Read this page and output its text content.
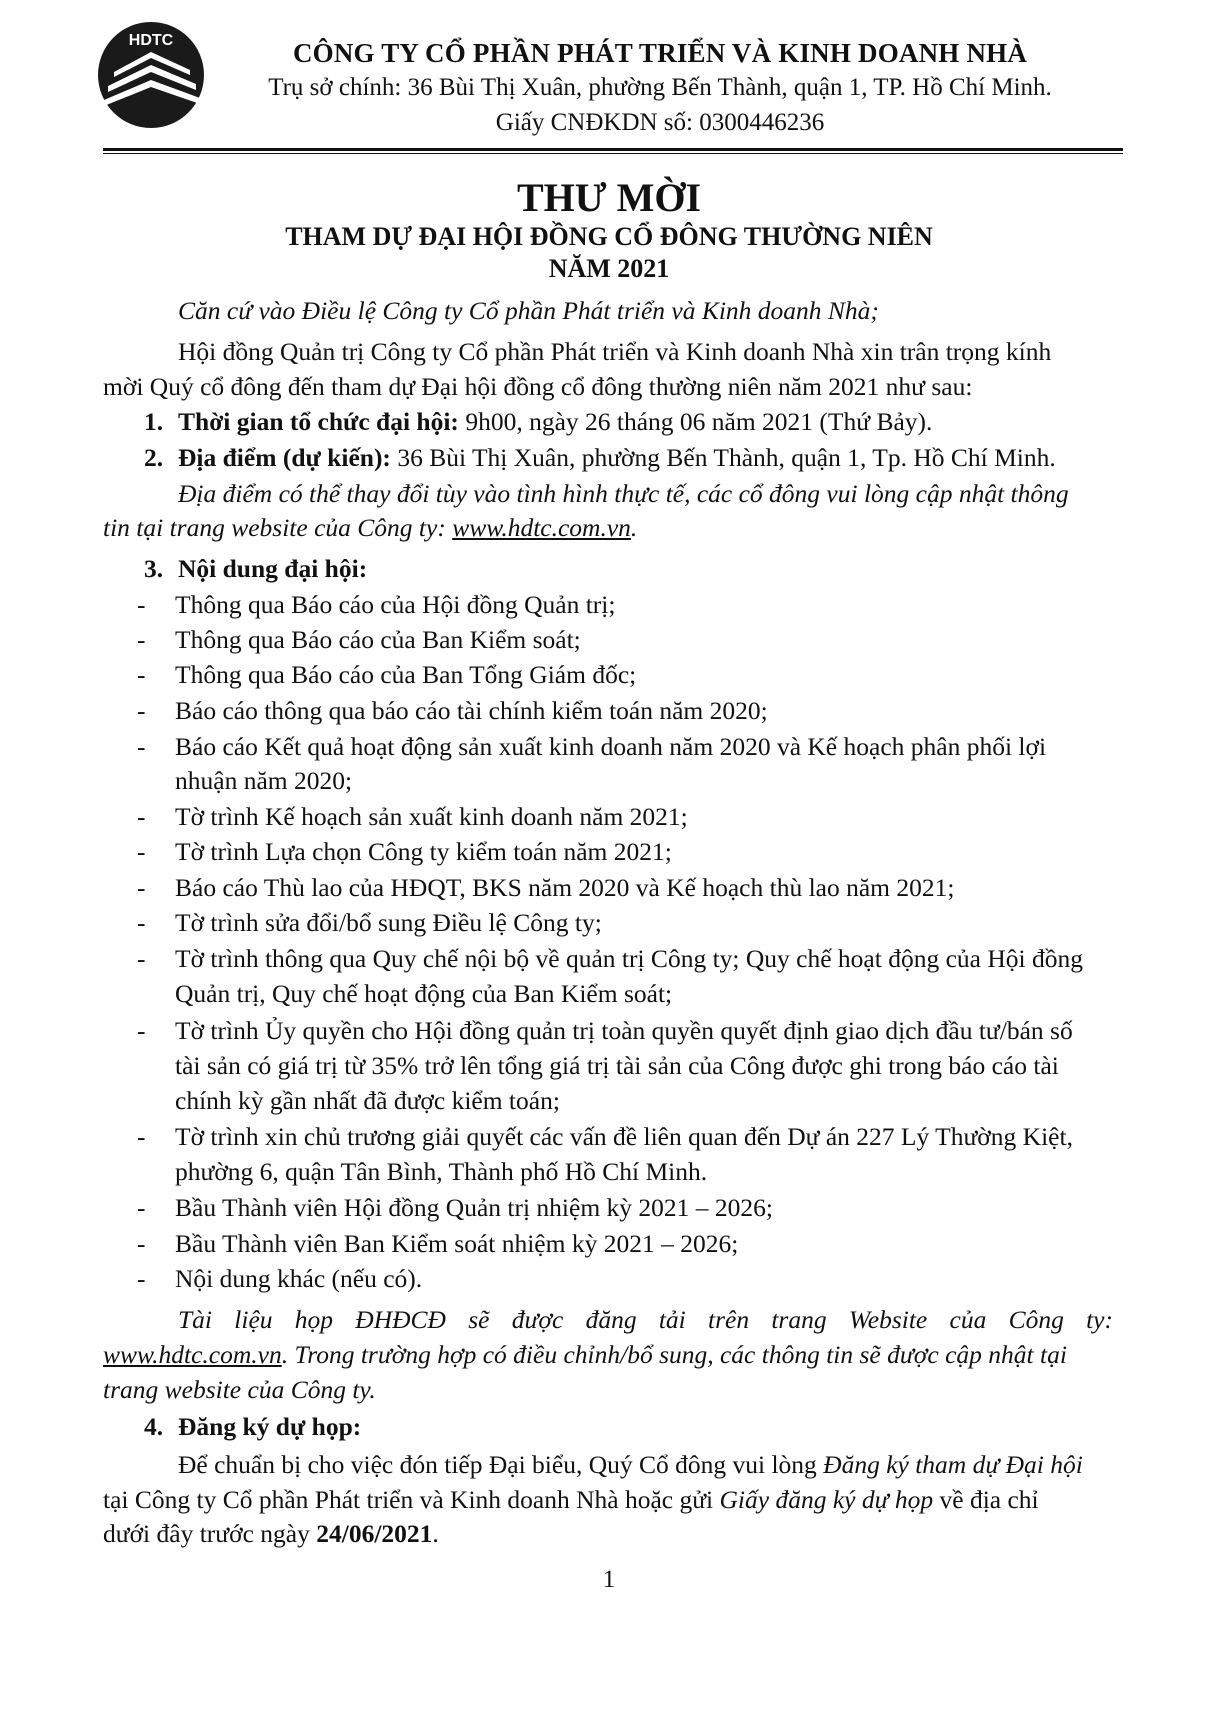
HDTC	CÔNG TY CỔ PHẦN PHÁT TRIỂN VÀ KINH DOANH NHÀ
Trụ sở chính: 36 Bùi Thị Xuân, phường Bến Thành, quận 1, TP. Hồ Chí Minh.
Giấy CNĐKDN số: 0300446236
THƯ MỜI
THAM DỰ ĐẠI HỘI ĐỒNG CỔ ĐÔNG THƯỜNG NIÊN
NĂM 2021
Căn cứ vào Điều lệ Công ty Cổ phần Phát triển và Kinh doanh Nhà;
Hội đồng Quản trị Công ty Cổ phần Phát triển và Kinh doanh Nhà xin trân trọng kính
mời Quý cổ đông đến tham dự Đại hội đồng cổ đông thường niên năm 2021 như sau:
1. Thời gian tổ chức đại hội: 9h00, ngày 26 tháng 06 năm 2021 (Thứ Bảy).
2. Địa điểm (dự kiến): 36 Bùi Thị Xuân, phường Bến Thành, quận 1, Tp. Hồ Chí Minh.
Địa điểm có thể thay đổi tùy vào tình hình thực tế, các cổ đông vui lòng cập nhật thông
tin tại trang website của Công ty: www.hdtc.com.vn.
3. Nội dung đại hội:
- Thông qua Báo cáo của Hội đồng Quản trị;
- Thông qua Báo cáo của Ban Kiểm soát;
- Thông qua Báo cáo của Ban Tổng Giám đốc;
- Báo cáo thông qua báo cáo tài chính kiểm toán năm 2020;
- Báo cáo Kết quả hoạt động sản xuất kinh doanh năm 2020 và Kế hoạch phân phối lợi
nhuận năm 2020;
- Tờ trình Kế hoạch sản xuất kinh doanh năm 2021;
- Tờ trình Lựa chọn Công ty kiểm toán năm 2021;
- Báo cáo Thù lao của HĐQT, BKS năm 2020 và Kế hoạch thù lao năm 2021;
- Tờ trình sửa đổi/bổ sung Điều lệ Công ty;
- Tờ trình thông qua Quy chế nội bộ về quản trị Công ty; Quy chế hoạt động của Hội đồng
Quản trị, Quy chế hoạt động của Ban Kiểm soát;
- Tờ trình Ủy quyền cho Hội đồng quản trị toàn quyền quyết định giao dịch đầu tư/bán số
tài sản có giá trị từ 35% trở lên tổng giá trị tài sản của Công được ghi trong báo cáo tài
chính kỳ gần nhất đã được kiểm toán;
- Tờ trình xin chủ trương giải quyết các vấn đề liên quan đến Dự án 227 Lý Thường Kiệt,
phường 6, quận Tân Bình, Thành phố Hồ Chí Minh.
- Bầu Thành viên Hội đồng Quản trị nhiệm kỳ 2021 – 2026;
- Bầu Thành viên Ban Kiểm soát nhiệm kỳ 2021 – 2026;
- Nội dung khác (nếu có).
Tài liệu họp ĐHĐCĐ sẽ được đăng tải trên trang Website của Công ty:
www.hdtc.com.vn. Trong trường hợp có điều chỉnh/bổ sung, các thông tin sẽ được cập nhật tại
trang website của Công ty.
4. Đăng ký dự họp:
Để chuẩn bị cho việc đón tiếp Đại biểu, Quý Cổ đông vui lòng Đăng ký tham dự Đại hội
tại Công ty Cổ phần Phát triển và Kinh doanh Nhà hoặc gửi Giấy đăng ký dự họp về địa chỉ
dưới đây trước ngày 24/06/2021.
1
